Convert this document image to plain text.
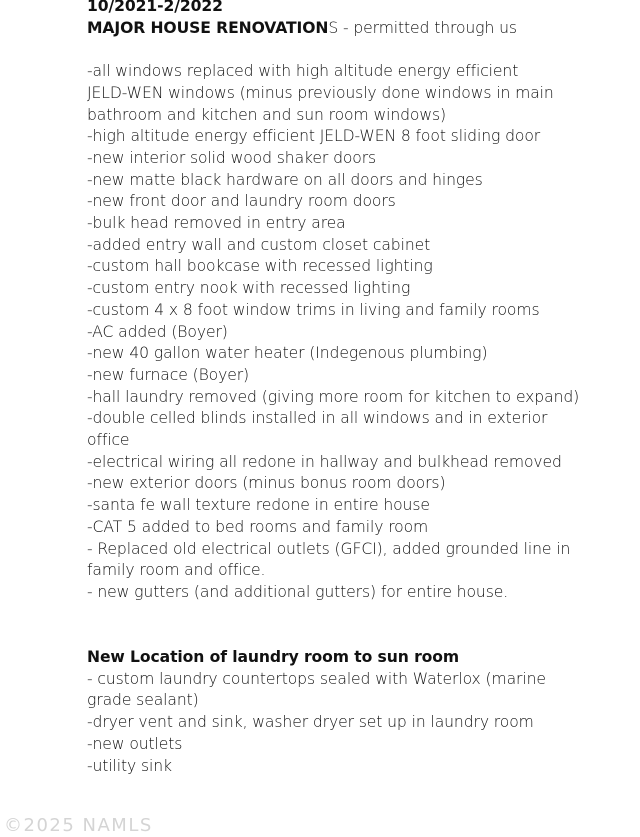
10/2021-2/2022
MAJOR HOUSE RENOVATIONS - permitted through us
-all windows replaced with high altitude energy efficient
JELD-WEN windows (minus previously done windows in main
bathroom and kitchen and sun room windows)
-high altitude energy efficient JELD-WEN 8 foot sliding door
-new interior solid wood shaker doors
-new matte black hardware on all doors and hinges
-new front door and laundry room doors
-bulk head removed in entry area
-added entry wall and custom closet cabinet
-custom hall bookcase with recessed lighting
-custom entry nook with recessed lighting
-custom 4 x 8 foot window trims in living and family rooms
-AC added (Boyer)
-new 40 gallon water heater (Indegenous plumbing)
-new furnace (Boyer)
-hall laundry removed (giving more room for kitchen to expand)
-double celled blinds installed in all windows and in exterior
office
-electrical wiring all redone in hallway and bulkhead removed
-new exterior doors (minus bonus room doors)
-santa fe wall texture redone in entire house
-CAT 5 added to bed rooms and family room
- Replaced old electrical outlets (GFCI), added grounded line in
family room and office.
- new gutters (and additional gutters) for entire house.
New Location of laundry room to sun room
- custom laundry countertops sealed with Waterlox (marine
grade sealant)
-dryer vent and sink, washer dryer set up in laundry room
-new outlets
-utility sink
©2025 NAMLS
